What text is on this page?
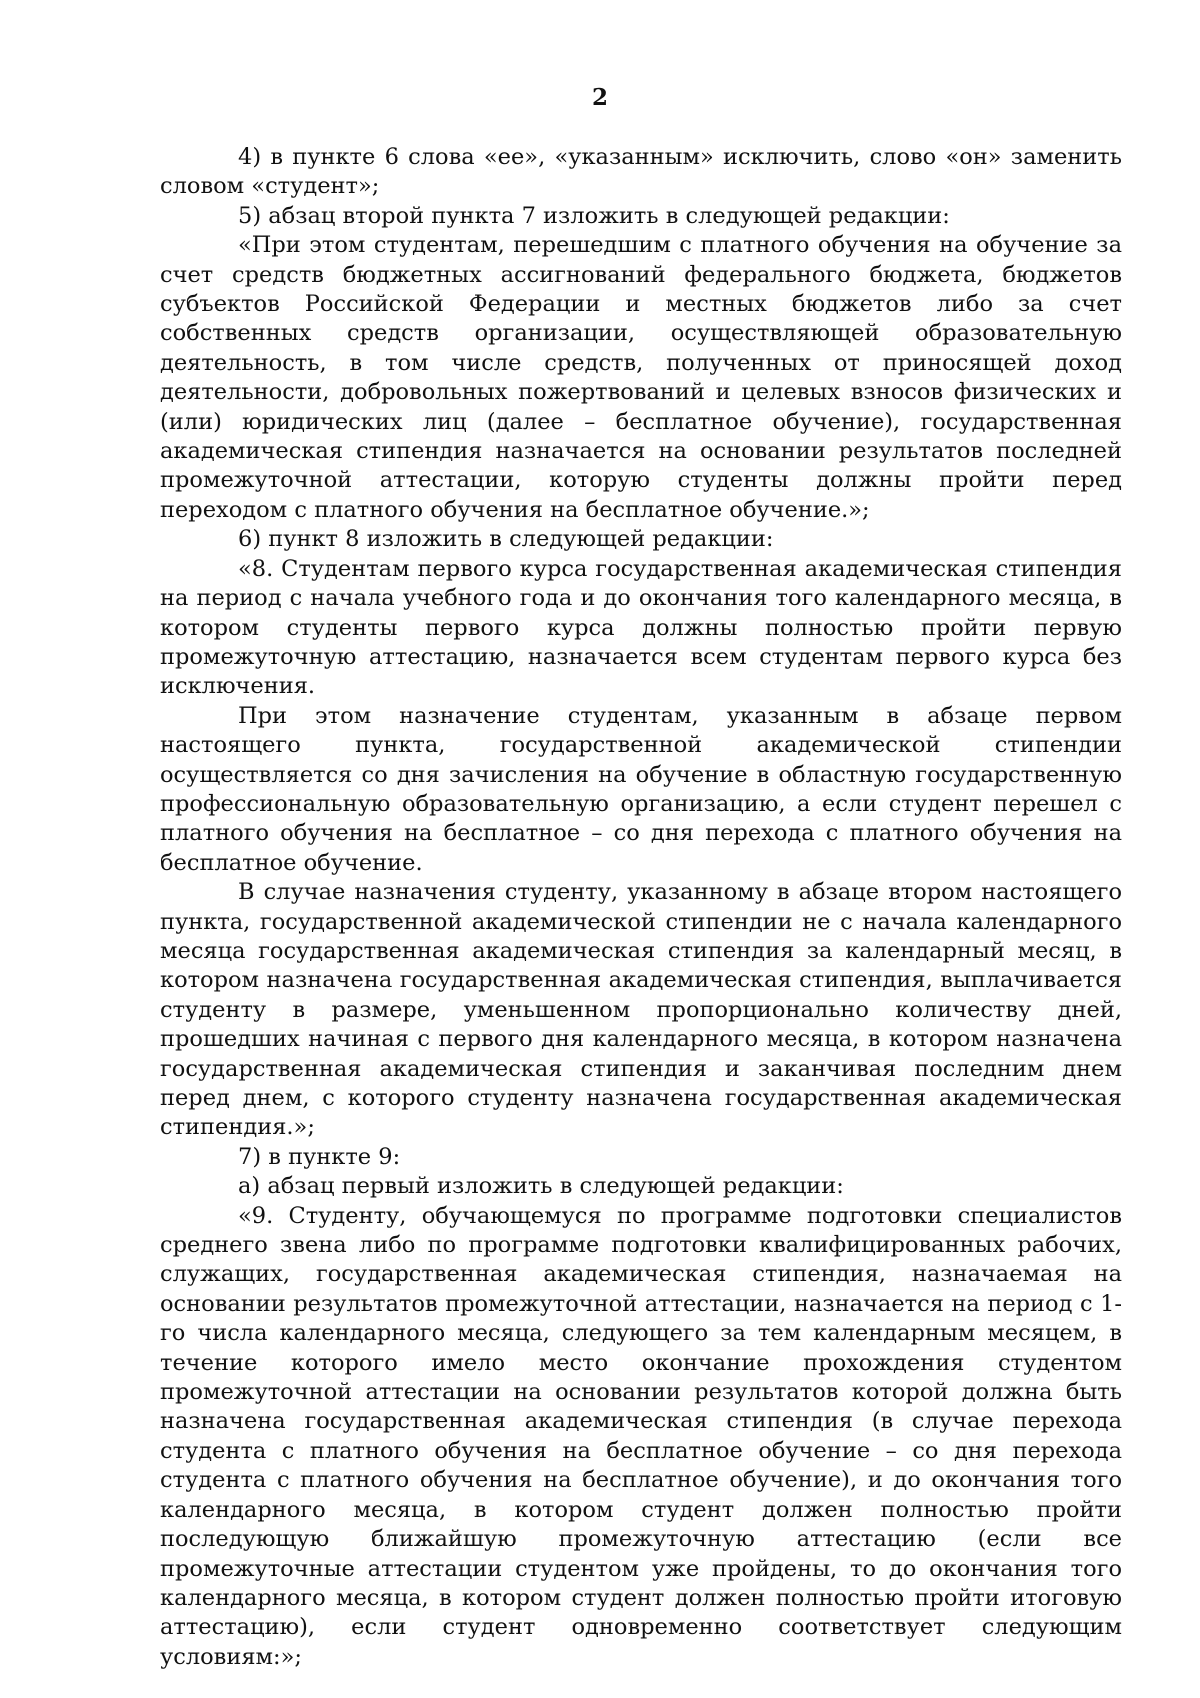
2

4) в пункте 6 слова «ее», «указанным» исключить, слово «он» заменить словом «студент»;

5) абзац второй пункта 7 изложить в следующей редакции:

«При этом студентам, перешедшим с платного обучения на обучение за счет средств бюджетных ассигнований федерального бюджета, бюджетов субъектов Российской Федерации и местных бюджетов либо за счет собственных средств организации, осуществляющей образовательную деятельность, в том числе средств, полученных от приносящей доход деятельности, добровольных пожертвований и целевых взносов физических и (или) юридических лиц (далее – бесплатное обучение), государственная академическая стипендия назначается на основании результатов последней промежуточной аттестации, которую студенты должны пройти перед переходом с платного обучения на бесплатное обучение.»;

6) пункт 8 изложить в следующей редакции:

«8. Студентам первого курса государственная академическая стипендия на период с начала учебного года и до окончания того календарного месяца, в котором студенты первого курса должны полностью пройти первую промежуточную аттестацию, назначается всем студентам первого курса без исключения.

При этом назначение студентам, указанным в абзаце первом настоящего пункта, государственной академической стипендии осуществляется со дня зачисления на обучение в областную государственную профессиональную образовательную организацию, а если студент перешел с платного обучения на бесплатное – со дня перехода с платного обучения на бесплатное обучение.

В случае назначения студенту, указанному в абзаце втором настоящего пункта, государственной академической стипендии не с начала календарного месяца государственная академическая стипендия за календарный месяц, в котором назначена государственная академическая стипендия, выплачивается студенту в размере, уменьшенном пропорционально количеству дней, прошедших начиная с первого дня календарного месяца, в котором назначена государственная академическая стипендия и заканчивая последним днем перед днем, с которого студенту назначена государственная академическая стипендия.»;

7) в пункте 9:

а) абзац первый изложить в следующей редакции:

«9. Студенту, обучающемуся по программе подготовки специалистов среднего звена либо по программе подготовки квалифицированных рабочих, служащих, государственная академическая стипендия, назначаемая на основании результатов промежуточной аттестации, назначается на период с 1-го числа календарного месяца, следующего за тем календарным месяцем, в течение которого имело место окончание прохождения студентом промежуточной аттестации на основании результатов которой должна быть назначена государственная академическая стипендия (в случае перехода студента с платного обучения на бесплатное обучение – со дня перехода студента с платного обучения на бесплатное обучение), и до окончания того календарного месяца, в котором студент должен полностью пройти последующую ближайшую промежуточную аттестацию (если все промежуточные аттестации студентом уже пройдены, то до окончания того календарного месяца, в котором студент должен полностью пройти итоговую аттестацию), если студент одновременно соответствует следующим условиям:»;
